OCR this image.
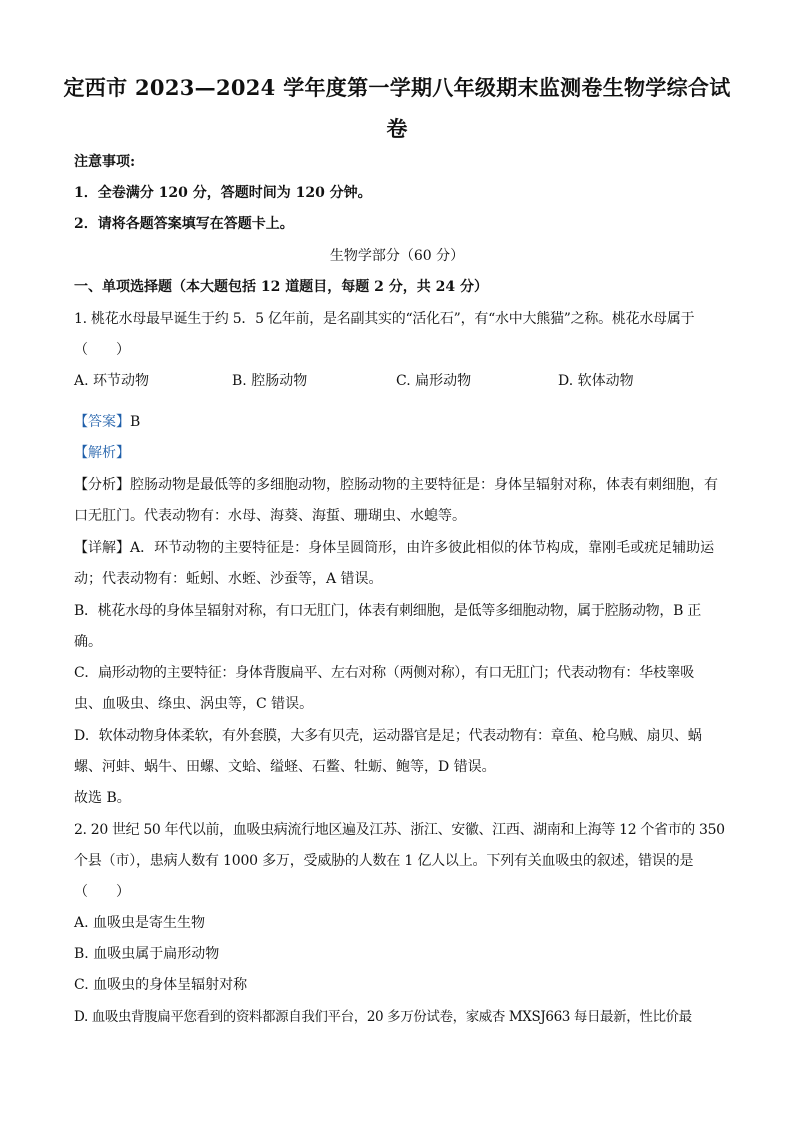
定西市 2023—2024 学年度第一学期八年级期末监测卷生物学综合试
卷
注意事项:
1．全卷满分 120 分，答题时间为 120 分钟。
2．请将各题答案填写在答题卡上。
生物学部分（60 分）
一、单项选择题（本大题包括 12 道题目，每题 2 分，共 24 分）
1. 桃花水母最早诞生于约 5．5 亿年前，是名副其实的“活化石”，有“水中大熊猫”之称。桃花水母属于
（　　）
A. 环节动物	B. 腔肠动物	C. 扁形动物	D. 软体动物
【答案】B
【解析】
【分析】腔肠动物是最低等的多细胞动物，腔肠动物的主要特征是：身体呈辐射对称，体表有刺细胞，有
口无肛门。代表动物有：水母、海葵、海蜇、珊瑚虫、水螅等。
【详解】A．环节动物的主要特征是：身体呈圆筒形，由许多彼此相似的体节构成，靠刚毛或疣足辅助运
动；代表动物有：蚯蚓、水蛭、沙蚕等，A 错误。
B．桃花水母的身体呈辐射对称，有口无肛门，体表有刺细胞，是低等多细胞动物，属于腔肠动物，B 正
确。
C．扁形动物的主要特征：身体背腹扁平、左右对称（两侧对称），有口无肛门；代表动物有：华枝睾吸
虫、血吸虫、绦虫、涡虫等，C 错误。
D．软体动物身体柔软，有外套膜，大多有贝壳，运动器官是足；代表动物有：章鱼、枪乌贼、扇贝、蜗
螺、河蚌、蜗牛、田螺、文蛤、缢蛏、石鳖、牡蛎、鲍等，D 错误。
故选 B。
2. 20 世纪 50 年代以前，血吸虫病流行地区遍及江苏、浙江、安徽、江西、湖南和上海等 12 个省市的 350
个县（市），患病人数有 1000 多万，受威胁的人数在 1 亿人以上。下列有关血吸虫的叙述，错误的是
（　　）
A. 血吸虫是寄生生物
B. 血吸虫属于扁形动物
C. 血吸虫的身体呈辐射对称
D. 血吸虫背腹扁平您看到的资料都源自我们平台，20 多万份试卷，家威杏 MXSJ663 每日最新，性比价最
